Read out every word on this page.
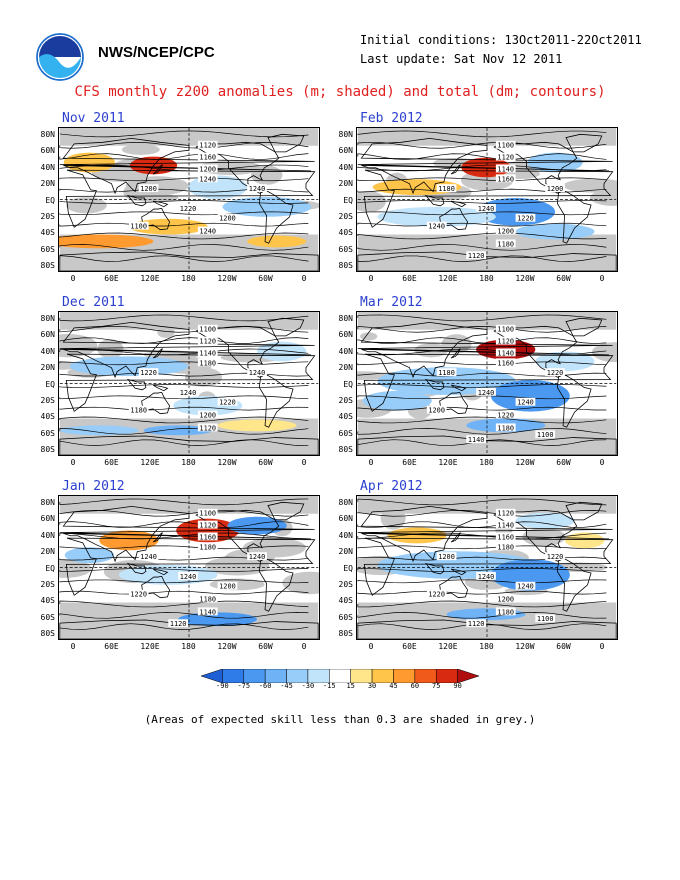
NWS/NCEP/CPC
Initial conditions: 13Oct2011-22Oct2011
Last update: Sat Nov 12 2011
CFS monthly z200 anomalies (m; shaded) and total (dm; contours)
Nov 2011
Dec 2011
Jan 2012
Feb 2012
Mar 2012
Apr 2012
1120
1160
1200
1240
1200	1240
1220
1200
1100
1240
1100
1120
1140
1180
1220	1240
1240
1220
1180
1200
1120
1100
1120
1160
1180
1240	1240
1240
1200
1220
1180
1140
1120
1100
1120
1140
1160
1180	1200
1240
1220
1240
1200
1180
1120
1100
1120
1140
1160
1180	1220
1240
1240
1200
1220
1180
1140
1100
1120
1140
1160
1180
1200	1220
1240
1240
1220
1200
1180
1120
1100
-90	-75	-60	-45	-30	-15	15	30	45	60	75	90
(Areas of expected skill less than 0.3 are shaded in grey.)
80N
60N
40N
20N
EQ
20S
40S
60S
80S
0	60E	120E	180	120W	60W	0
80N
60N
40N
20N
EQ
20S
40S
60S
80S
0	60E	120E	180	120W	60W	0
80N
60N
40N
20N
EQ
20S
40S
60S
80S
0	60E	120E	180	120W	60W	0
80N
60N
40N
20N
EQ
20S
40S
60S
80S
0	60E	120E	180	120W	60W	0
80N
60N
40N
20N
EQ
20S
40S
60S
80S
0	60E	120E	180	120W	60W	0
80N
60N
40N
20N
EQ
20S
40S
60S
80S
0	60E	120E	180	120W	60W	0
